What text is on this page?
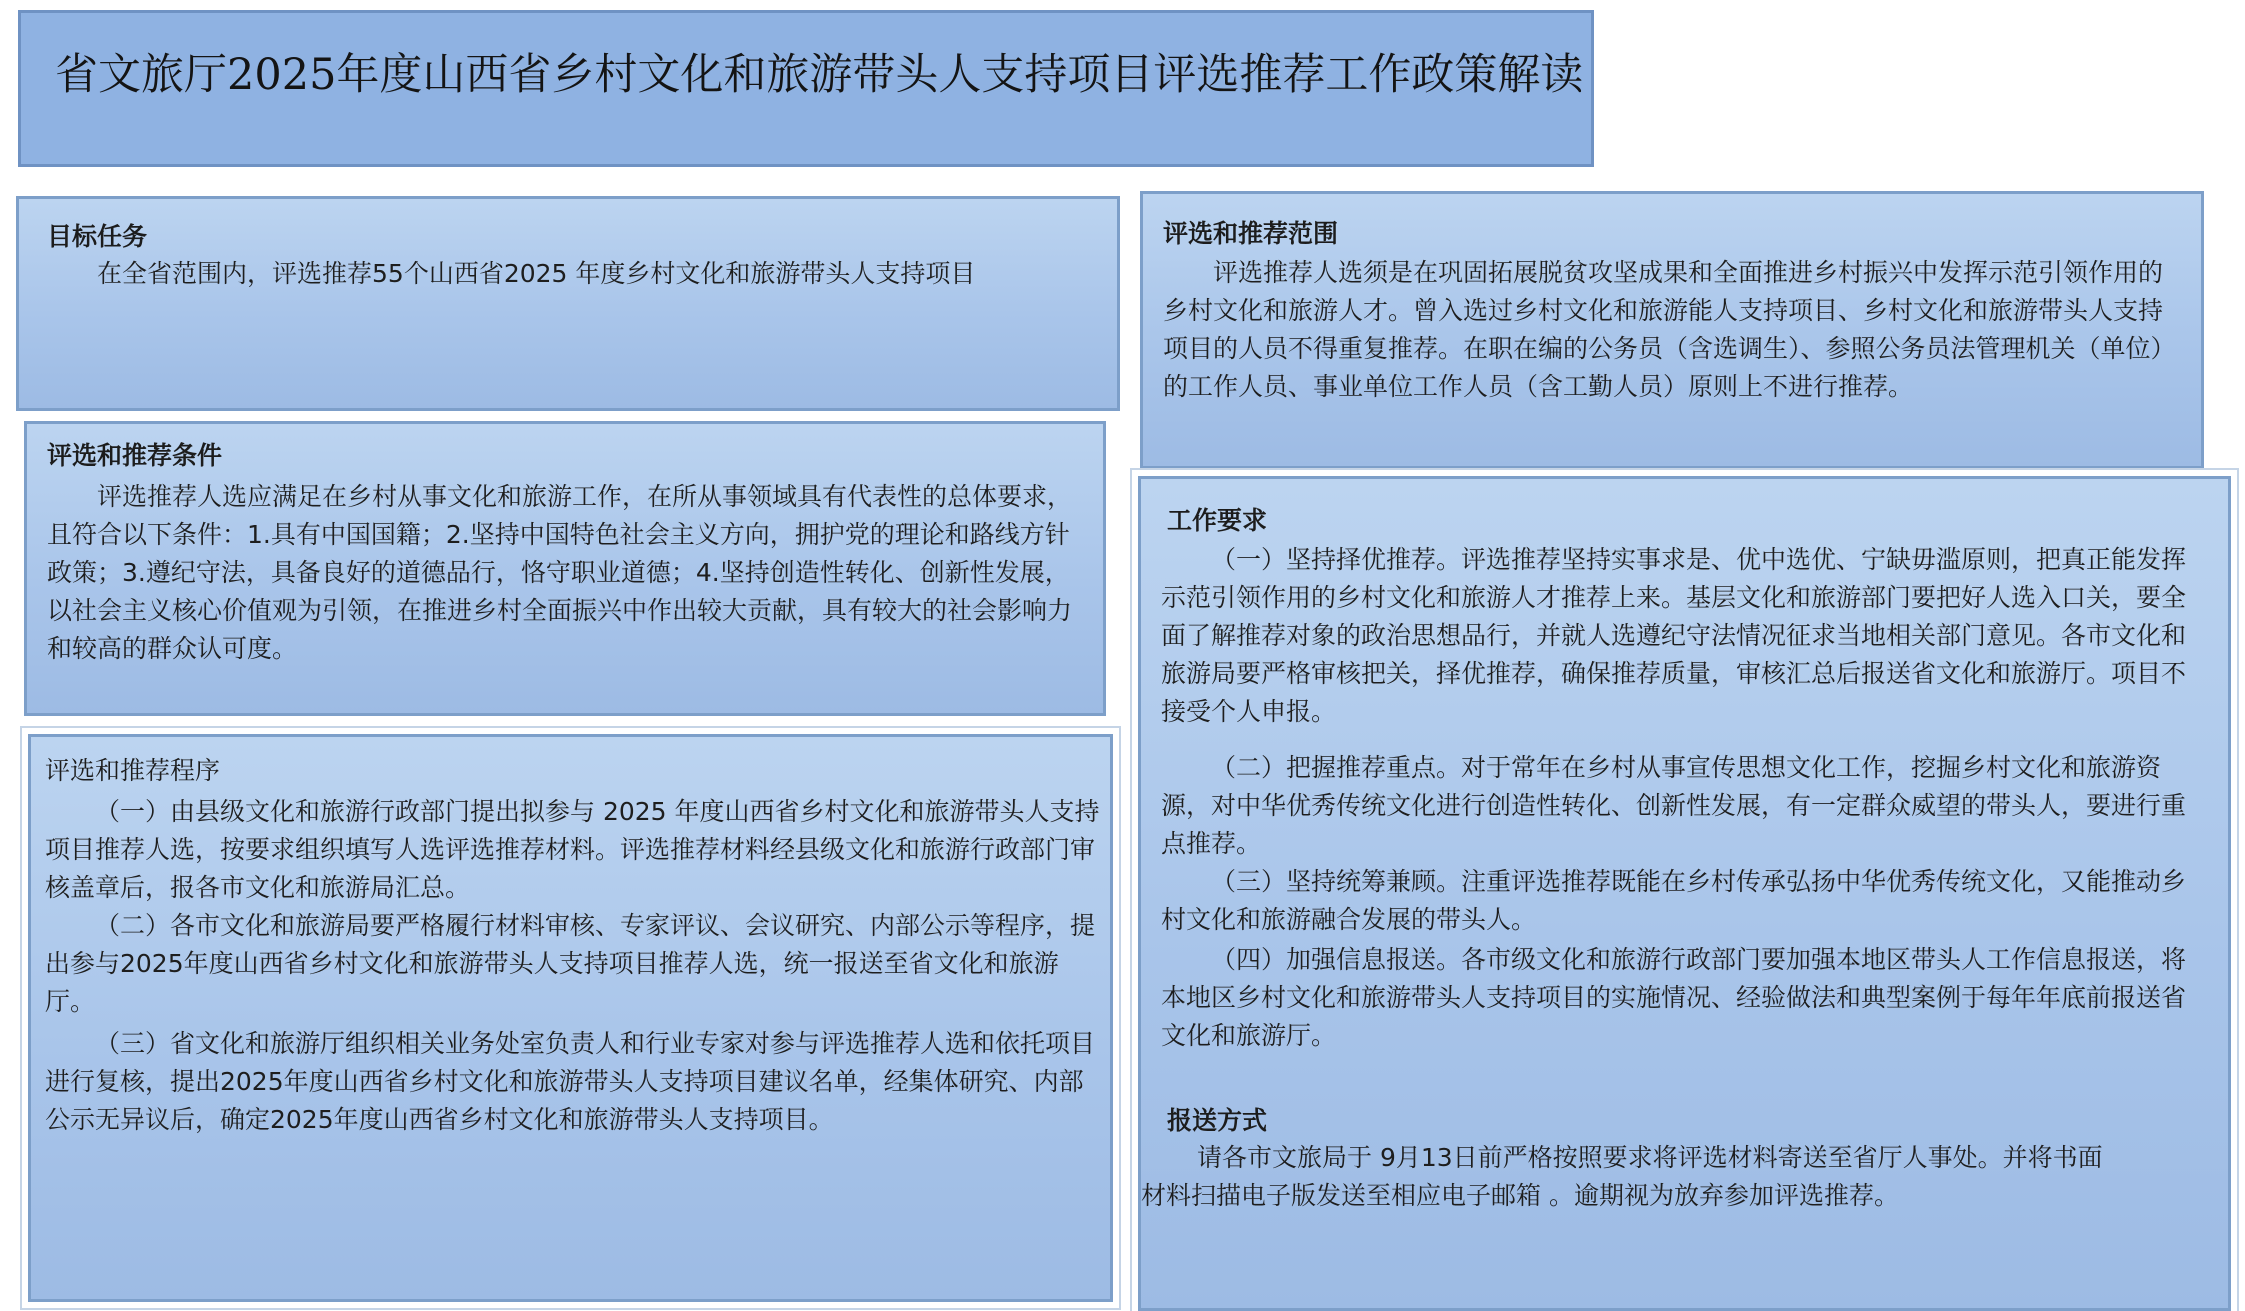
省文旅厅2025年度山西省乡村文化和旅游带头人支持项目评选推荐工作政策解读
目标任务

在全省范围内，评选推荐55个山西省2025 年度乡村文化和旅游带头人支持项目

评选和推荐条件

评选推荐人选应满足在乡村从事文化和旅游工作，在所从事领域具有代表性的总体要求，且符合以下条件：1.具有中国国籍；2.坚持中国特色社会主义方向，拥护党的理论和路线方针政策；3.遵纪守法，具备良好的道德品行，恪守职业道德；4.坚持创造性转化、创新性发展，以社会主义核心价值观为引领，在推进乡村全面振兴中作出较大贡献，具有较大的社会影响力和较高的群众认可度。

评选和推荐程序

（一）由县级文化和旅游行政部门提出拟参与 2025 年度山西省乡村文化和旅游带头人支持项目推荐人选，按要求组织填写人选评选推荐材料。评选推荐材料经县级文化和旅游行政部门审核盖章后，报各市文化和旅游局汇总。

（二）各市文化和旅游局要严格履行材料审核、专家评议、会议研究、内部公示等程序，提出参与2025年度山西省乡村文化和旅游带头人支持项目推荐人选，统一报送至省文化和旅游厅。

（三）省文化和旅游厅组织相关业务处室负责人和行业专家对参与评选推荐人选和依托项目进行复核，提出2025年度山西省乡村文化和旅游带头人支持项目建议名单，经集体研究、内部公示无异议后，确定2025年度山西省乡村文化和旅游带头人支持项目。

评选和推荐范围

评选推荐人选须是在巩固拓展脱贫攻坚成果和全面推进乡村振兴中发挥示范引领作用的乡村文化和旅游人才。曾入选过乡村文化和旅游能人支持项目、乡村文化和旅游带头人支持项目的人员不得重复推荐。在职在编的公务员（含选调生）、参照公务员法管理机关（单位）的工作人员、事业单位工作人员（含工勤人员）原则上不进行推荐。

工作要求

（一）坚持择优推荐。评选推荐坚持实事求是、优中选优、宁缺毋滥原则，把真正能发挥示范引领作用的乡村文化和旅游人才推荐上来。基层文化和旅游部门要把好人选入口关，要全面了解推荐对象的政治思想品行，并就人选遵纪守法情况征求当地相关部门意见。各市文化和旅游局要严格审核把关，择优推荐，确保推荐质量，审核汇总后报送省文化和旅游厅。项目不接受个人申报。

（二）把握推荐重点。对于常年在乡村从事宣传思想文化工作，挖掘乡村文化和旅游资源，对中华优秀传统文化进行创造性转化、创新性发展，有一定群众威望的带头人，要进行重点推荐。

（三）坚持统筹兼顾。注重评选推荐既能在乡村传承弘扬中华优秀传统文化，又能推动乡村文化和旅游融合发展的带头人。

（四）加强信息报送。各市级文化和旅游行政部门要加强本地区带头人工作信息报送，将本地区乡村文化和旅游带头人支持项目的实施情况、经验做法和典型案例于每年年底前报送省文化和旅游厅。

报送方式

请各市文旅局于 9月13日前严格按照要求将评选材料寄送至省厅人事处。并将书面

材料扫描电子版发送至相应电子邮箱 。逾期视为放弃参加评选推荐。
